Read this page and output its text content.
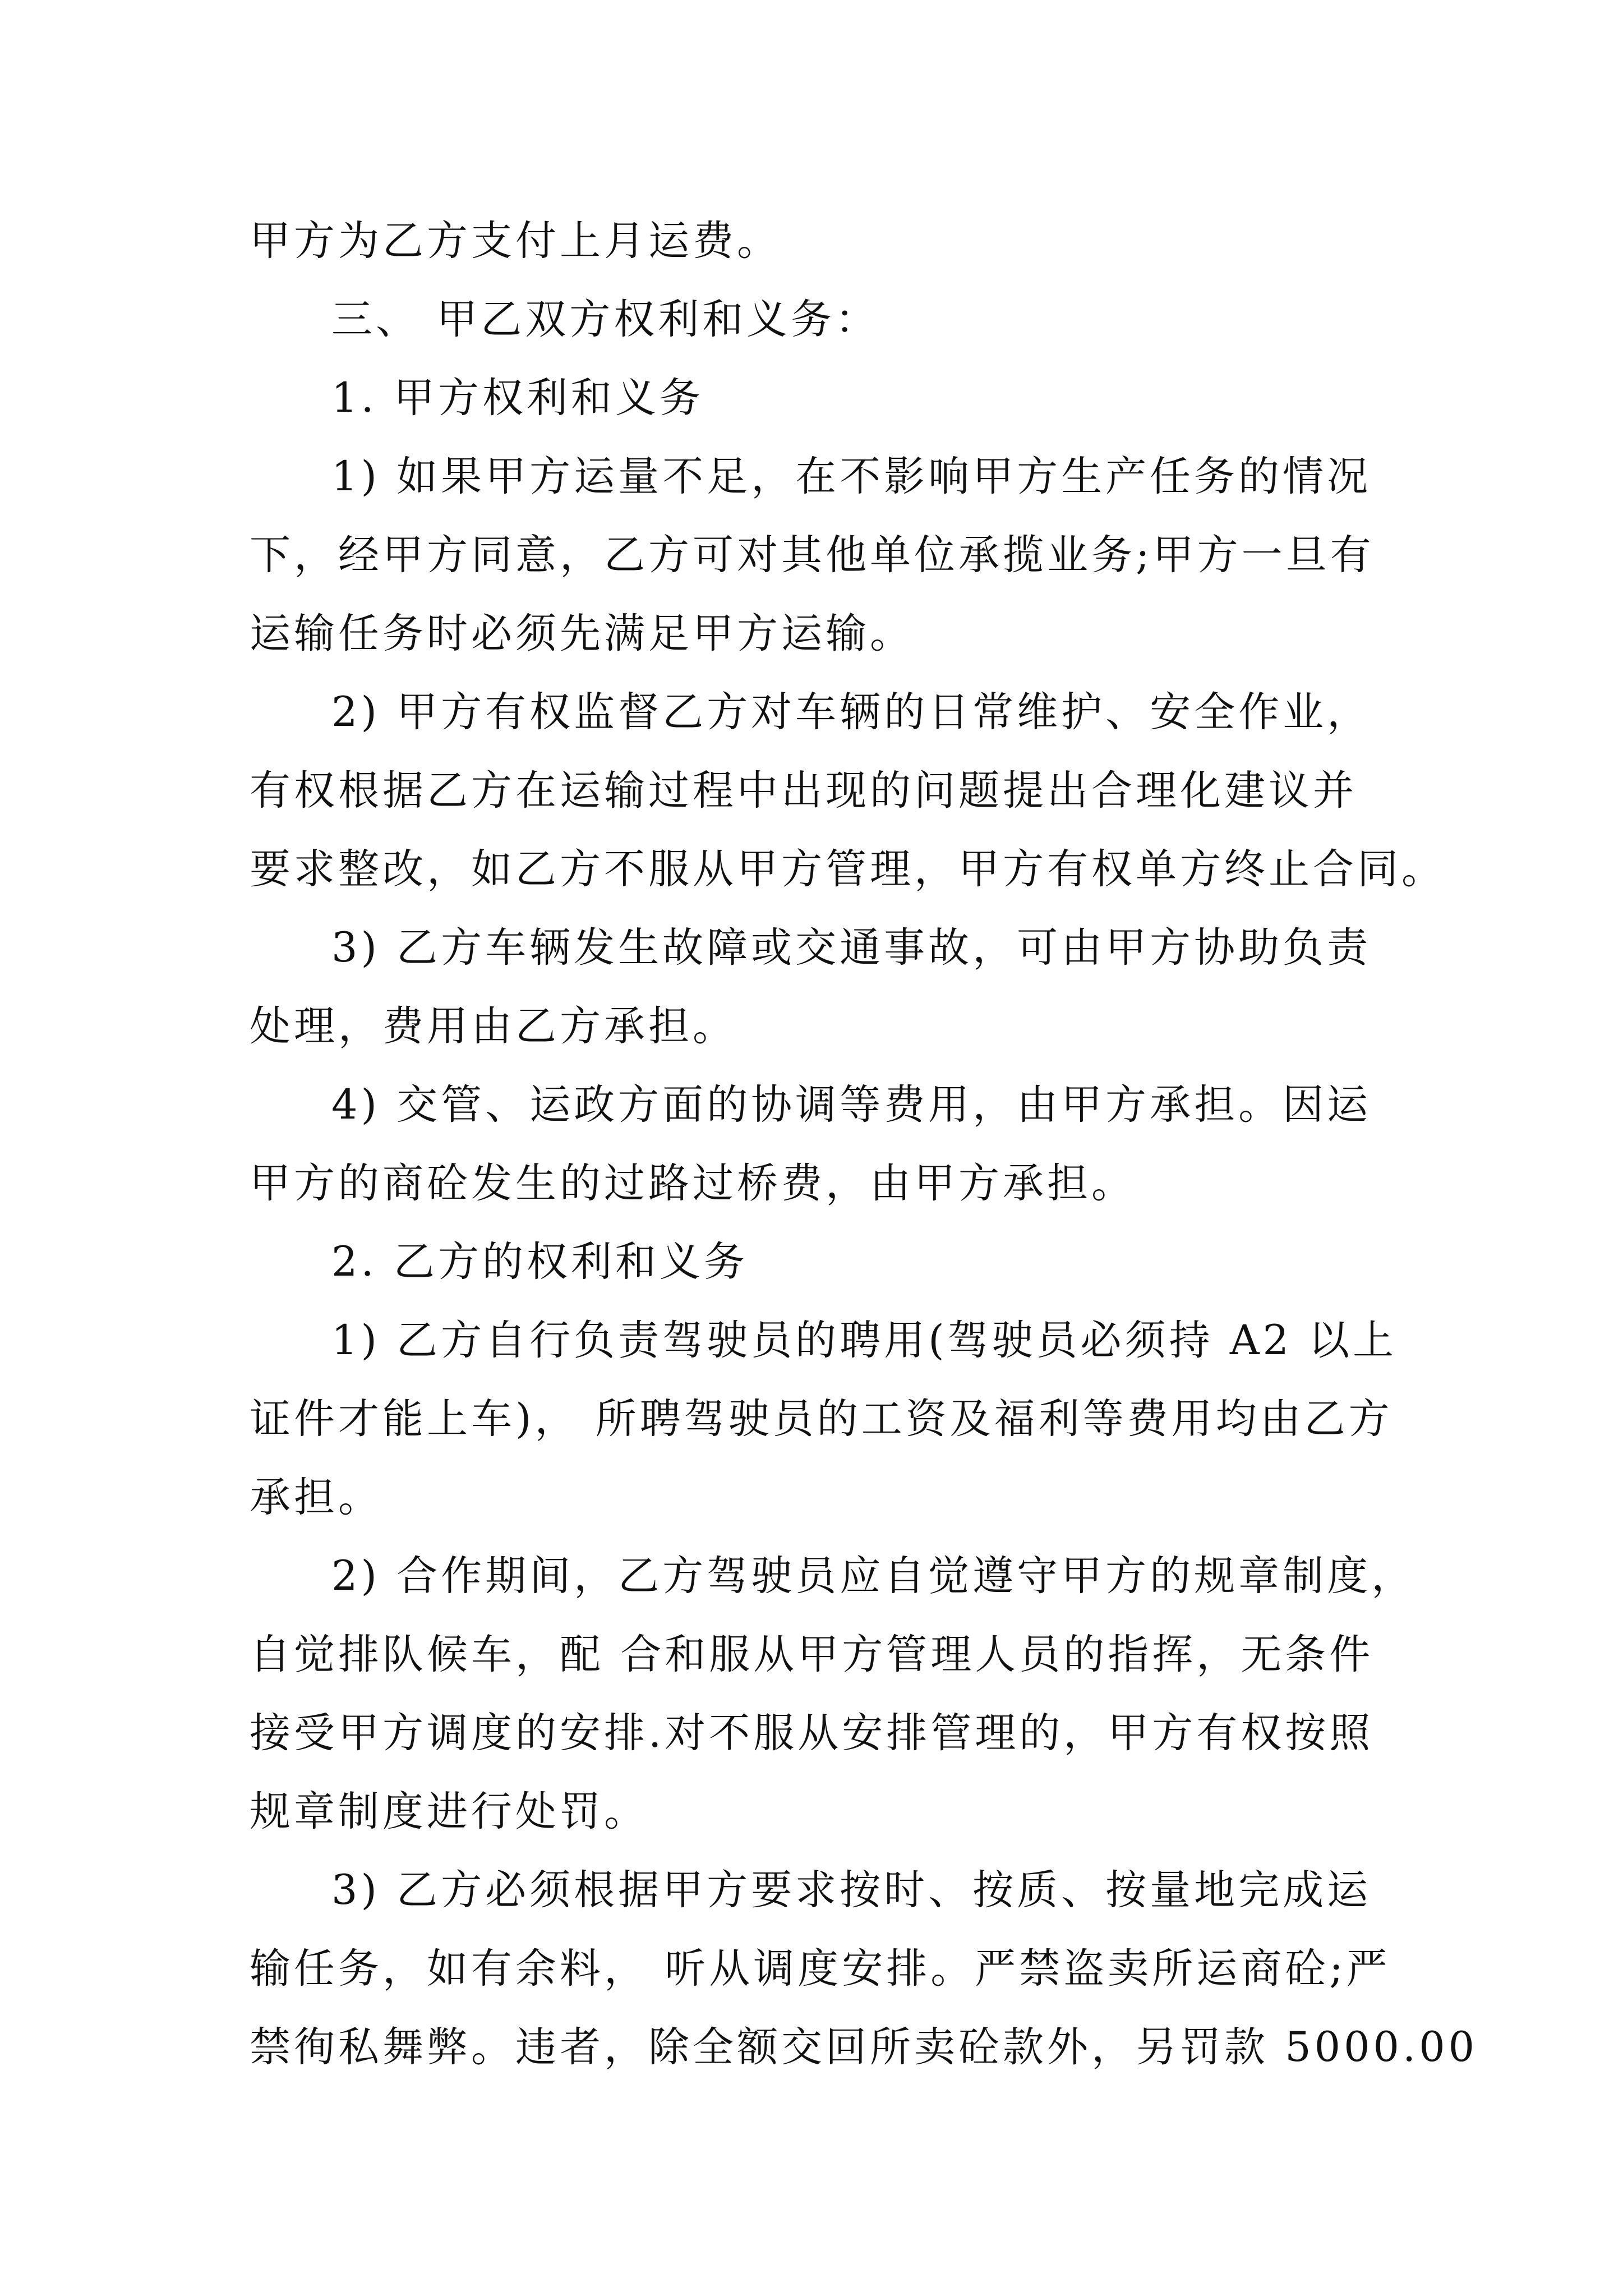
甲方为乙方支付上月运费。
三、 甲乙双方权利和义务：
1. 甲方权利和义务
1) 如果甲方运量不足，在不影响甲方生产任务的情况
下，经甲方同意，乙方可对其他单位承揽业务;甲方一旦有
运输任务时必须先满足甲方运输。
2) 甲方有权监督乙方对车辆的日常维护、安全作业，
有权根据乙方在运输过程中出现的问题提出合理化建议并
要求整改，如乙方不服从甲方管理，甲方有权单方终止合同。
3) 乙方车辆发生故障或交通事故，可由甲方协助负责
处理，费用由乙方承担。
4) 交管、运政方面的协调等费用，由甲方承担。因运
甲方的商砼发生的过路过桥费，由甲方承担。
2. 乙方的权利和义务
1) 乙方自行负责驾驶员的聘用(驾驶员必须持 A2 以上
证件才能上车)， 所聘驾驶员的工资及福利等费用均由乙方
承担。
2) 合作期间，乙方驾驶员应自觉遵守甲方的规章制度，
自觉排队候车，配 合和服从甲方管理人员的指挥，无条件
接受甲方调度的安排.对不服从安排管理的，甲方有权按照
规章制度进行处罚。
3) 乙方必须根据甲方要求按时、按质、按量地完成运
输任务，如有余料， 听从调度安排。严禁盗卖所运商砼;严
禁徇私舞弊。违者，除全额交回所卖砼款外，另罚款 5000.00
